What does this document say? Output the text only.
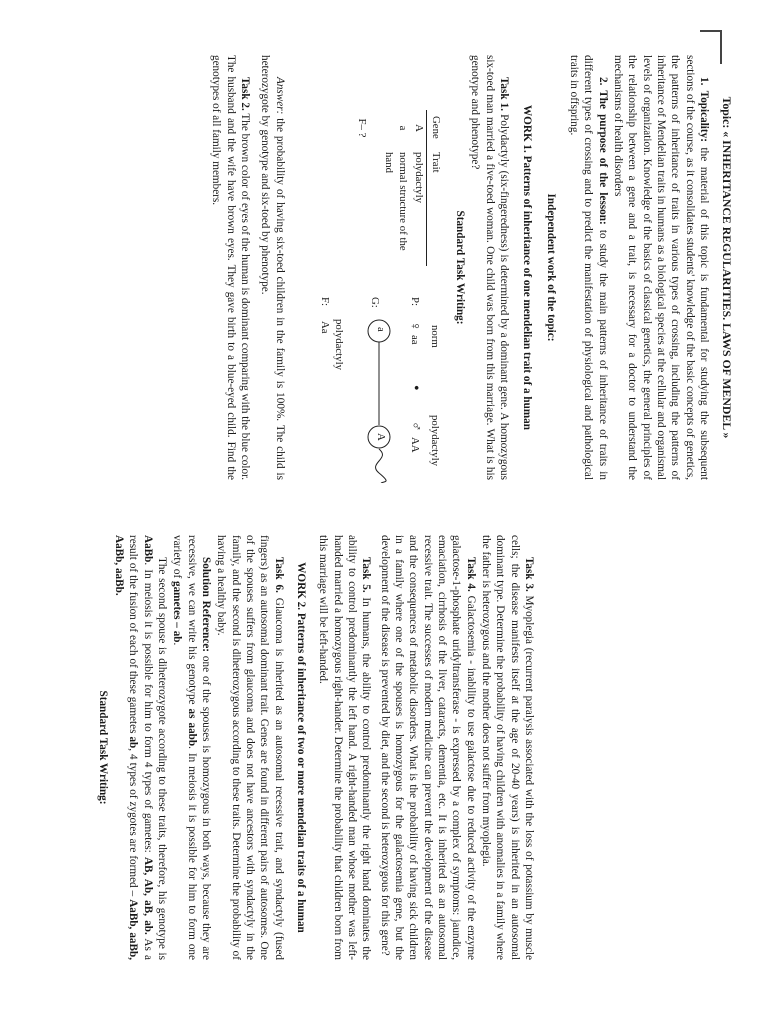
Topic: « INHERITANCE REGULARITIES. LAWS OF MENDEL »

1. Topicality: the material of this topic is fundamental for studying the subsequent sections of the course, as it consolidates students' knowledge of the basic concepts of genetics, the patterns of inheritance of traits in various types of crossing, including the patterns of inheritance of Mendelian traits in humans as a biological species at the cellular and organismal levels of organization. Knowledge of the basics of classical genetics, the general principles of the relationship between a gene and a trait, is necessary for a doctor to understand the mechanisms of health disorders

2. The purpose of the lesson: to study the main patterns of inheritance of traits in different types of crossing and to predict the manifestation of physiological and pathological traits in offspring.

Independent work of the topic:
WORK 1. Patterns of inheritance of one mendelian trait of a human

Task 1. Polydactyly (six-fingeredness) is determined by a dominant gene. A homozygous six-toed man married a five-toed woman. One child was born from this marriage. What is his genotype and phenotype?

Standard Task Writing:
Gene	Trait
A	polydactyly
a	normal structure of the hand
F– ?	
norm
polydactyly
P:
♀
aa
•
♂
AA
G:
a
A
F:
Aa polydactyly

Answer: the probability of having six-toed children in the family is 100%. The child is heterozygote by genotype and six-toed by phenotype.

Task 2. The brown color of eyes of the human is dominant comparing with the blue color. The husband and the wife have brown eyes. They gave birth to a blue-eyed child. Find the genotypes of all family members.

Task 3. Myoplegia (recurrent paralysis associated with the loss of potassium by muscle cells; the disease manifests itself at the age of 20-40 years) is inherited in an autosomal dominant type. Determine the probability of having children with anomalies in a family where the father is heterozygous and the mother does not suffer from myoplegia.

Task 4. Galactosemia - inability to use galactose due to reduced activity of the enzyme galactose-1-phosphate uridyltransferase - is expressed by a complex of symptoms: jaundice, emaciation, cirrhosis of the liver, cataracts, dementia, etc. It is inherited as an autosomal recessive trait. The successes of modern medicine can prevent the development of the disease and the consequences of metabolic disorders. What is the probability of having sick children in a family where one of the spouses is homozygous for the galactosemia gene, but the development of the disease is prevented by diet, and the second is heterozygous for this gene?

Task 5. In humans, the ability to control predominantly the right hand dominates the ability to control predominantly the left hand. A right-handed man whose mother was left-handed married a homozygous right-hander. Determine the probability that children born from this marriage will be left-handed.

WORK 2. Patterns of inheritance of two or more mendelian traits of a human

Task 6. Glaucoma is inherited as an autosomal recessive trait, and syndactyly (fused fingers) as an autosomal dominant trait. Genes are found in different pairs of autosomes. One of the spouses suffers from glaucoma and does not have ancestors with syndactyly in the family, and the second is diheterozygous according to these traits. Determine the probability of having a healthy baby.

Solution Reference: one of the spouses is homozygous in both ways, because they are recessive, we can write his genotype as aabb. In meiosis it is possible for him to form one variety of gametes – ab.

The second spouse is diheterozygote according to these traits, therefore, his genotype is AaBb. In meiosis it is possible for him to form 4 types of gametes: AB, Ab, aB, ab. As a result of the fusion of each of these gametes ab, 4 types of zygotes are formed – AaBb, aaBb, AaBb, aaBb.

Standard Task Writing:
